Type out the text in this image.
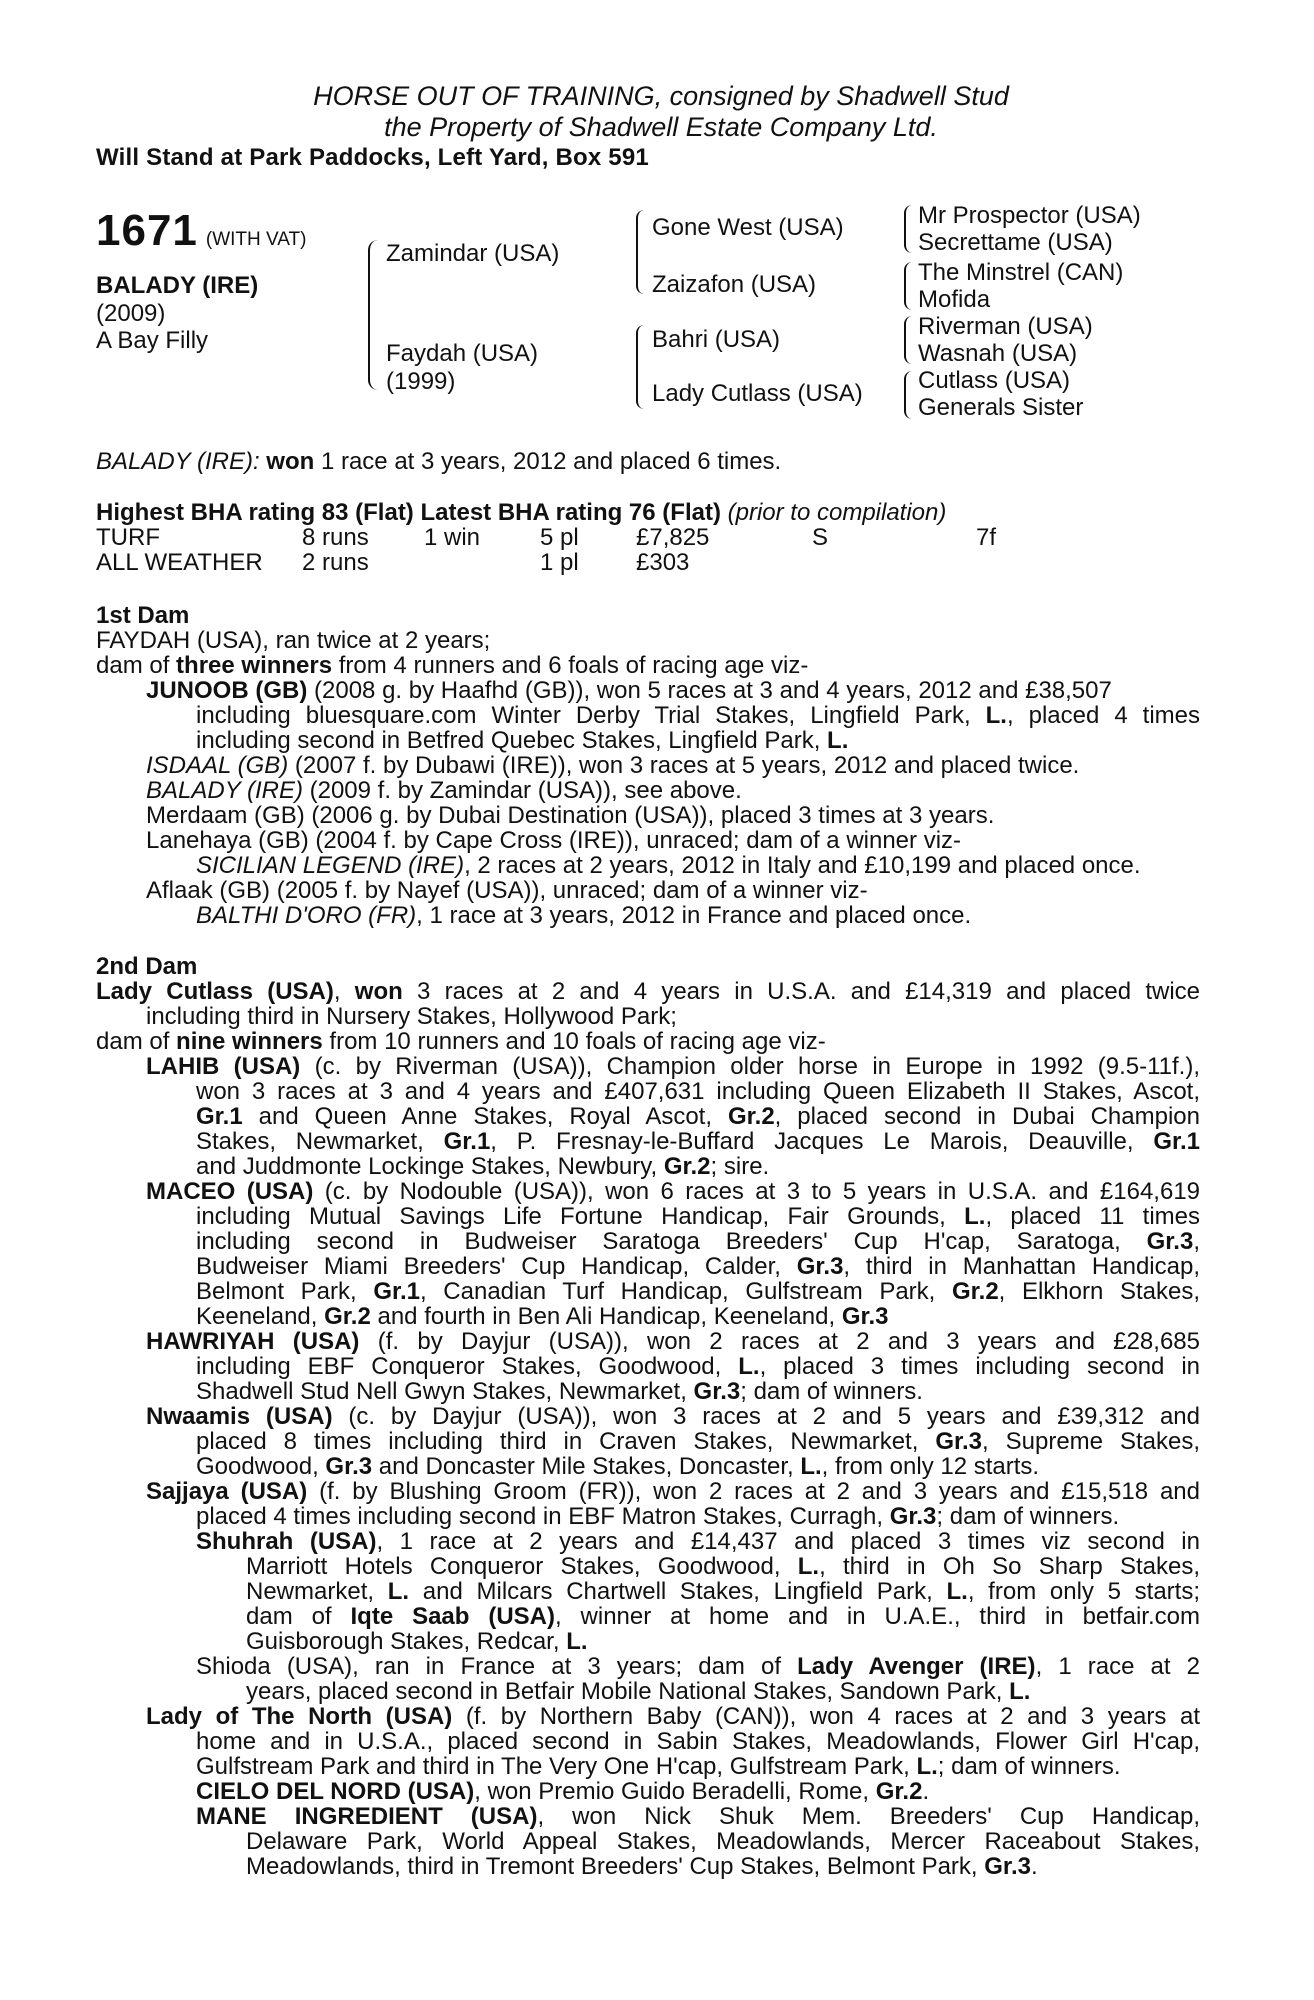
HORSE OUT OF TRAINING, consigned by Shadwell Stud
the Property of Shadwell Estate Company Ltd.
Will Stand at Park Paddocks, Left Yard, Box 591
1671 (WITH VAT)
BALADY (IRE)
(2009)
A Bay Filly
Zamindar (USA)
Faydah (USA)
(1999)
Gone West (USA)
Zaizafon (USA)
Bahri (USA)
Lady Cutlass (USA)
Mr Prospector (USA)
Secrettame (USA)
The Minstrel (CAN)
Mofida
Riverman (USA)
Wasnah (USA)
Cutlass (USA)
Generals Sister
BALADY (IRE): won 1 race at 3 years, 2012 and placed 6 times.
Highest BHA rating 83 (Flat) Latest BHA rating 76 (Flat) (prior to compilation)
TURF	8 runs 1 win 5 pl £7,825	S	7f
ALL WEATHER 2 runs	1 pl £303
1st Dam
FAYDAH (USA), ran twice at 2 years;
dam of three winners from 4 runners and 6 foals of racing age viz-
JUNOOB (GB) (2008 g. by Haafhd (GB)), won 5 races at 3 and 4 years, 2012 and £38,507
including bluesquare.com Winter Derby Trial Stakes, Lingfield Park, L., placed 4 times
including second in Betfred Quebec Stakes, Lingfield Park, L.
ISDAAL (GB) (2007 f. by Dubawi (IRE)), won 3 races at 5 years, 2012 and placed twice.
BALADY (IRE) (2009 f. by Zamindar (USA)), see above.
Merdaam (GB) (2006 g. by Dubai Destination (USA)), placed 3 times at 3 years.
Lanehaya (GB) (2004 f. by Cape Cross (IRE)), unraced; dam of a winner viz-
SICILIAN LEGEND (IRE), 2 races at 2 years, 2012 in Italy and £10,199 and placed once.
Aflaak (GB) (2005 f. by Nayef (USA)), unraced; dam of a winner viz-
BALTHI D'ORO (FR), 1 race at 3 years, 2012 in France and placed once.
2nd Dam
Lady Cutlass (USA), won 3 races at 2 and 4 years in U.S.A. and £14,319 and placed twice
including third in Nursery Stakes, Hollywood Park;
dam of nine winners from 10 runners and 10 foals of racing age viz-
LAHIB (USA) (c. by Riverman (USA)), Champion older horse in Europe in 1992 (9.5-11f.),
won 3 races at 3 and 4 years and £407,631 including Queen Elizabeth II Stakes, Ascot,
Gr.1 and Queen Anne Stakes, Royal Ascot, Gr.2, placed second in Dubai Champion
Stakes, Newmarket, Gr.1, P. Fresnay-le-Buffard Jacques Le Marois, Deauville, Gr.1
and Juddmonte Lockinge Stakes, Newbury, Gr.2; sire.
MACEO (USA) (c. by Nodouble (USA)), won 6 races at 3 to 5 years in U.S.A. and £164,619
including Mutual Savings Life Fortune Handicap, Fair Grounds, L., placed 11 times
including second in Budweiser Saratoga Breeders' Cup H'cap, Saratoga, Gr.3,
Budweiser Miami Breeders' Cup Handicap, Calder, Gr.3, third in Manhattan Handicap,
Belmont Park, Gr.1, Canadian Turf Handicap, Gulfstream Park, Gr.2, Elkhorn Stakes,
Keeneland, Gr.2 and fourth in Ben Ali Handicap, Keeneland, Gr.3
HAWRIYAH (USA) (f. by Dayjur (USA)), won 2 races at 2 and 3 years and £28,685
including EBF Conqueror Stakes, Goodwood, L., placed 3 times including second in
Shadwell Stud Nell Gwyn Stakes, Newmarket, Gr.3; dam of winners.
Nwaamis (USA) (c. by Dayjur (USA)), won 3 races at 2 and 5 years and £39,312 and
placed 8 times including third in Craven Stakes, Newmarket, Gr.3, Supreme Stakes,
Goodwood, Gr.3 and Doncaster Mile Stakes, Doncaster, L., from only 12 starts.
Sajjaya (USA) (f. by Blushing Groom (FR)), won 2 races at 2 and 3 years and £15,518 and
placed 4 times including second in EBF Matron Stakes, Curragh, Gr.3; dam of winners.
Shuhrah (USA), 1 race at 2 years and £14,437 and placed 3 times viz second in
Marriott Hotels Conqueror Stakes, Goodwood, L., third in Oh So Sharp Stakes,
Newmarket, L. and Milcars Chartwell Stakes, Lingfield Park, L., from only 5 starts;
dam of Iqte Saab (USA), winner at home and in U.A.E., third in betfair.com
Guisborough Stakes, Redcar, L.
Shioda (USA), ran in France at 3 years; dam of Lady Avenger (IRE), 1 race at 2
years, placed second in Betfair Mobile National Stakes, Sandown Park, L.
Lady of The North (USA) (f. by Northern Baby (CAN)), won 4 races at 2 and 3 years at
home and in U.S.A., placed second in Sabin Stakes, Meadowlands, Flower Girl H'cap,
Gulfstream Park and third in The Very One H'cap, Gulfstream Park, L.; dam of winners.
CIELO DEL NORD (USA), won Premio Guido Beradelli, Rome, Gr.2.
MANE INGREDIENT (USA), won Nick Shuk Mem. Breeders' Cup Handicap,
Delaware Park, World Appeal Stakes, Meadowlands, Mercer Raceabout Stakes,
Meadowlands, third in Tremont Breeders' Cup Stakes, Belmont Park, Gr.3.
